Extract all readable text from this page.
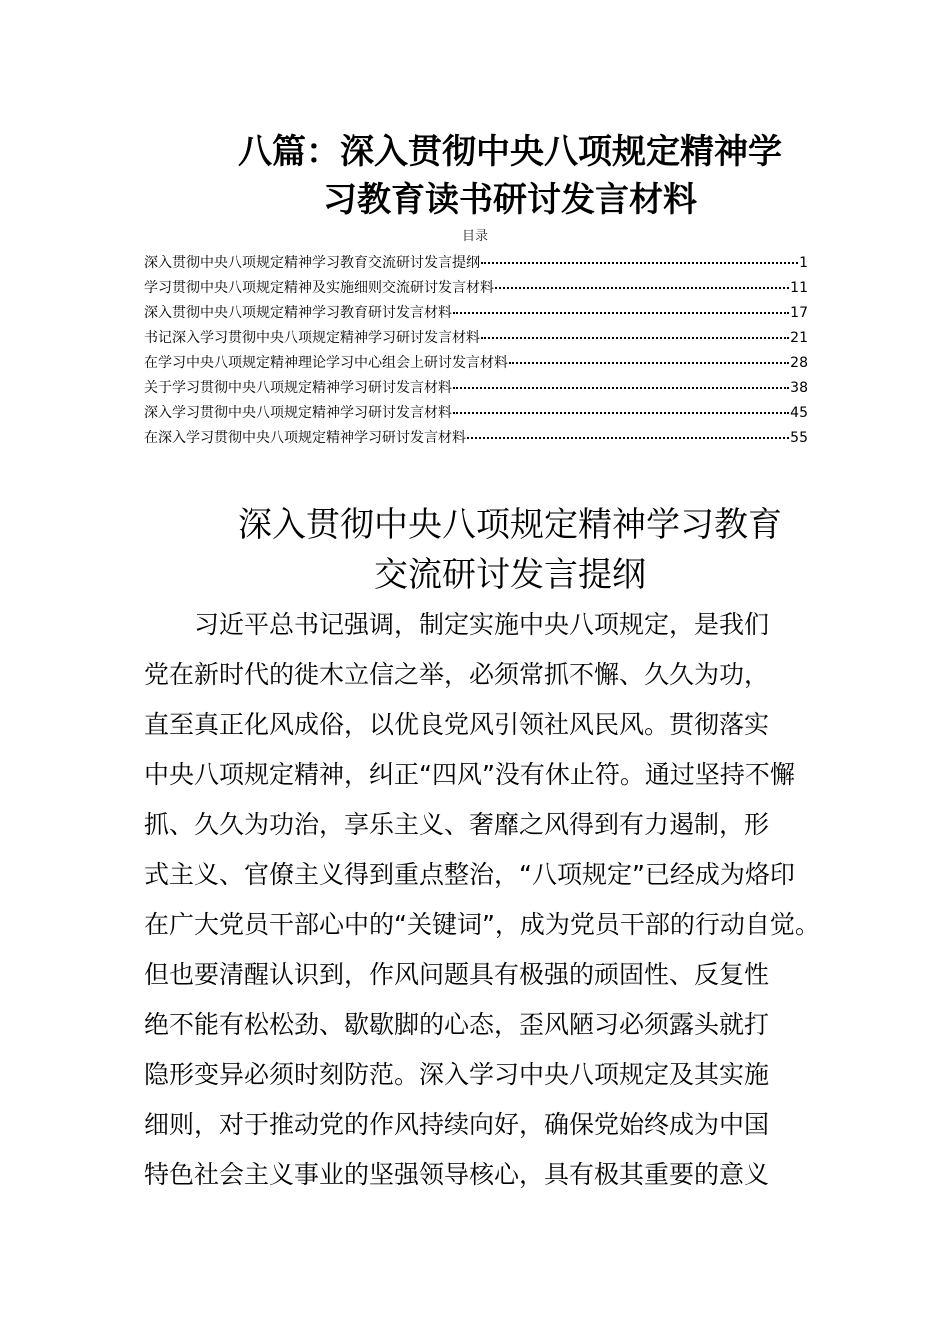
八篇：深入贯彻中央八项规定精神学
习教育读书研讨发言材料
目录
深入贯彻中央八项规定精神学习教育交流研讨发言提纲	1
学习贯彻中央八项规定精神及实施细则交流研讨发言材料	11
深入贯彻中央八项规定精神学习教育研讨发言材料	17
书记深入学习贯彻中央八项规定精神学习研讨发言材料	21
在学习中央八项规定精神理论学习中心组会上研讨发言材料	28
关于学习贯彻中央八项规定精神学习研讨发言材料	38
深入学习贯彻中央八项规定精神学习研讨发言材料	45
在深入学习贯彻中央八项规定精神学习研讨发言材料	55
深入贯彻中央八项规定精神学习教育
交流研讨发言提纲
习近平总书记强调，制定实施中央八项规定，是我们
党在新时代的徙木立信之举，必须常抓不懈、久久为功，
直至真正化风成俗，以优良党风引领社风民风。贯彻落实
中央八项规定精神，纠正“四风”没有休止符。通过坚持不懈
抓、久久为功治，享乐主义、奢靡之风得到有力遏制，形
式主义、官僚主义得到重点整治，“八项规定”已经成为烙印
在广大党员干部心中的“关键词”，成为党员干部的行动自觉。
但也要清醒认识到，作风问题具有极强的顽固性、反复性
绝不能有松松劲、歇歇脚的心态，歪风陋习必须露头就打
隐形变异必须时刻防范。深入学习中央八项规定及其实施
细则，对于推动党的作风持续向好，确保党始终成为中国
特色社会主义事业的坚强领导核心，具有极其重要的意义
